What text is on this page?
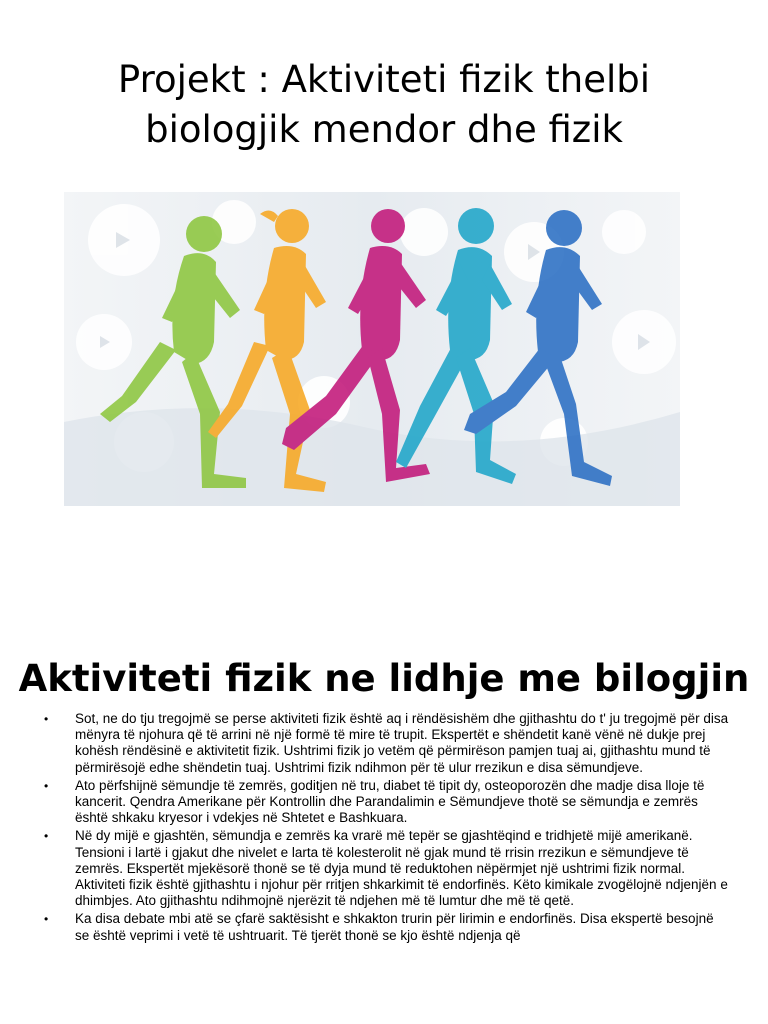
Projekt : Aktiviteti fizik thelbi
biologjik mendor dhe fizik
Aktiviteti fizik ne lidhje me bilogjin
• Sot, ne do tju tregojmë se perse aktiviteti fizik është aq i rëndësishëm dhe gjithashtu do t' ju tregojmë për disa mënyra të njohura që të arrini në një formë të mire të trupit. Ekspertët e shëndetit kanë vënë në dukje prej kohësh rëndësinë e aktivitetit fizik. Ushtrimi fizik jo vetëm që përmirëson pamjen tuaj ai, gjithashtu mund të përmirësojë edhe shëndetin tuaj. Ushtrimi fizik ndihmon për të ulur rrezikun e disa sëmundjeve.
• Ato përfshijnë sëmundje të zemrës, goditjen në tru, diabet të tipit dy, osteoporozën dhe madje disa lloje të kancerit. Qendra Amerikane për Kontrollin dhe Parandalimin e Sëmundjeve thotë se sëmundja e zemrës është shkaku kryesor i vdekjes në Shtetet e Bashkuara.
• Në dy mijë e gjashtën, sëmundja e zemrës ka vrarë më tepër se gjashtëqind e tridhjetë mijë amerikanë. Tensioni i lartë i gjakut dhe nivelet e larta të kolesterolit në gjak mund të rrisin rrezikun e sëmundjeve të zemrës. Ekspertët mjekësorë thonë se të dyja mund të reduktohen nëpërmjet një ushtrimi fizik normal.
Aktiviteti fizik është gjithashtu i njohur për rritjen shkarkimit të endorfinës. Këto kimikale zvogëlojnë ndjenjën e dhimbjes. Ato gjithashtu ndihmojnë njerëzit të ndjehen më të lumtur dhe më të qetë.
• Ka disa debate mbi atë se çfarë saktësisht e shkakton trurin për lirimin e endorfinës. Disa ekspertë besojnë se është veprimi i vetë të ushtruarit. Të tjerët thonë se kjo është ndjenja që
